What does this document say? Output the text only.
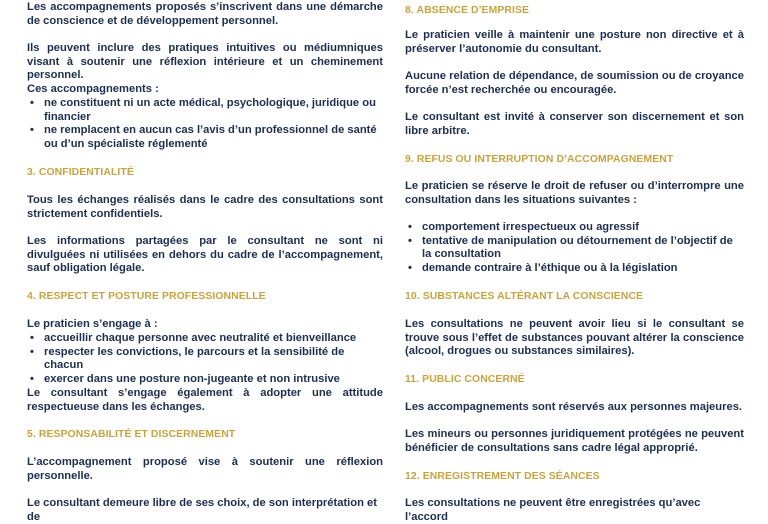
Les accompagnements proposés s’inscrivent dans une démarche de conscience et de développement personnel.

Ils peuvent inclure des pratiques intuitives ou médiumniques visant à soutenir une réflexion intérieure et un cheminement personnel.

Ces accompagnements :

• ne constituent ni un acte médical, psychologique, juridique ou financier
• ne remplacent en aucun cas l’avis d’un professionnel de santé ou d’un spécialiste réglementé
3. CONFIDENTIALITÉ

Tous les échanges réalisés dans le cadre des consultations sont strictement confidentiels.

Les informations partagées par le consultant ne sont ni divulguées ni utilisées en dehors du cadre de l’accompagnement, sauf obligation légale.

4. RESPECT ET POSTURE PROFESSIONNELLE

Le praticien s’engage à :

• accueillir chaque personne avec neutralité et bienveillance
• respecter les convictions, le parcours et la sensibilité de chacun
• exercer dans une posture non-jugeante et non intrusive

Le consultant s’engage également à adopter une attitude respectueuse dans les échanges.

5. RESPONSABILITÉ ET DISCERNEMENT

L’accompagnement proposé vise à soutenir une réflexion personnelle.

Le consultant demeure libre de ses choix, de son interprétation et de

8. ABSENCE D’EMPRISE

Le praticien veille à maintenir une posture non directive et à préserver l’autonomie du consultant.

Aucune relation de dépendance, de soumission ou de croyance forcée n’est recherchée ou encouragée.

Le consultant est invité à conserver son discernement et son libre arbitre.

9. REFUS OU INTERRUPTION D’ACCOMPAGNEMENT

Le praticien se réserve le droit de refuser ou d’interrompre une consultation dans les situations suivantes :

• comportement irrespectueux ou agressif
• tentative de manipulation ou détournement de l’objectif de la consultation
• demande contraire à l’éthique ou à la législation
10. SUBSTANCES ALTÉRANT LA CONSCIENCE

Les consultations ne peuvent avoir lieu si le consultant se trouve sous l’effet de substances pouvant altérer la conscience (alcool, drogues ou substances similaires).

11. PUBLIC CONCERNÉ

Les accompagnements sont réservés aux personnes majeures.

Les mineurs ou personnes juridiquement protégées ne peuvent bénéficier de consultations sans cadre légal approprié.

12. ENREGISTREMENT DES SÉANCES

Les consultations ne peuvent être enregistrées qu’avec l’accord
